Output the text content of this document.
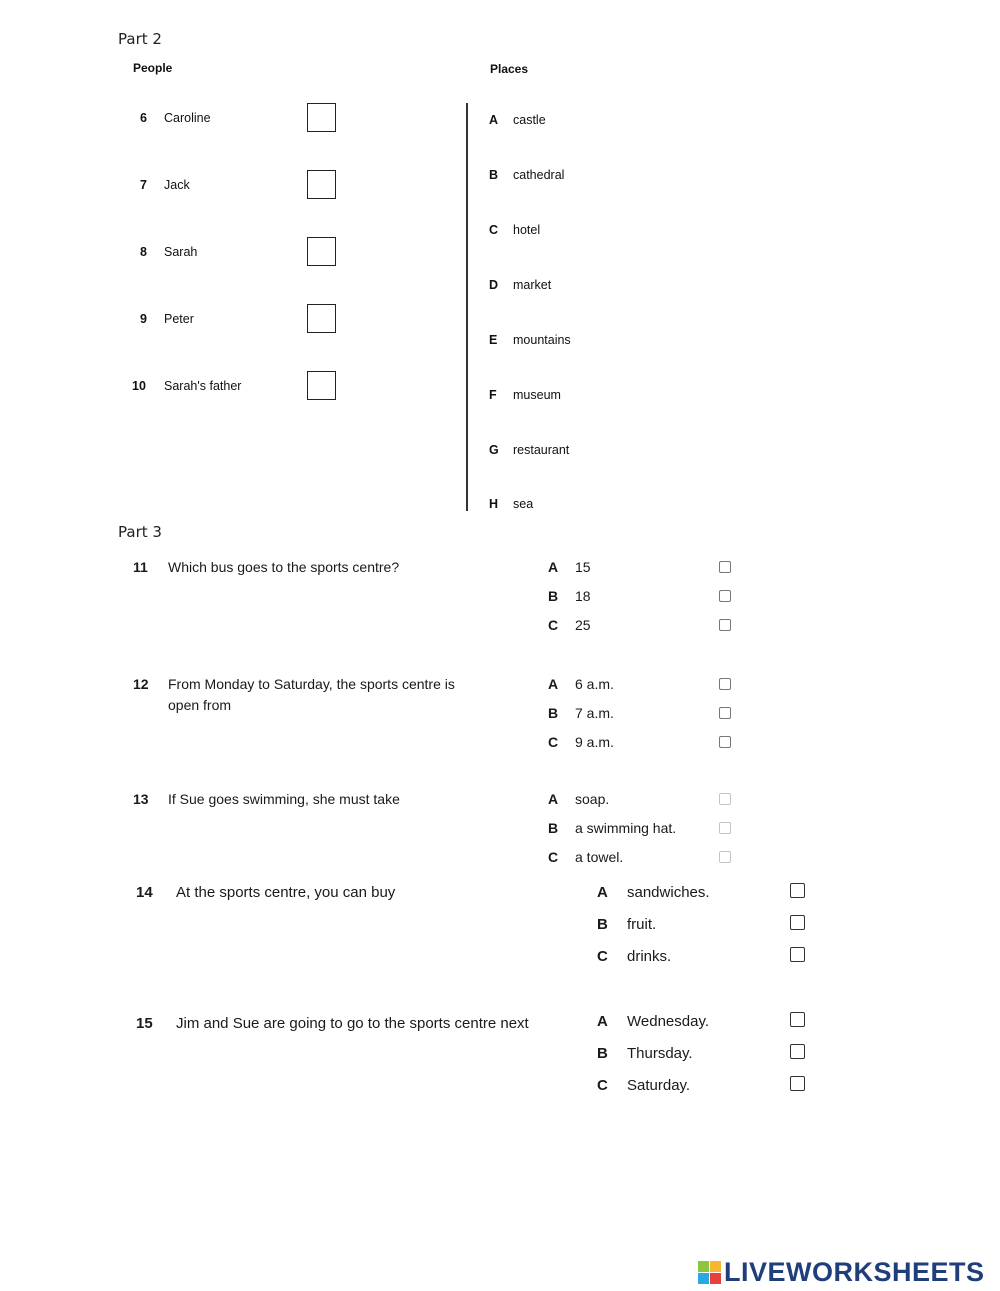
Part 2
People	Places
6 Caroline
7 Jack
8 Sarah
9 Peter
10 Sarah's father
A castle
B cathedral
C hotel
D market
E mountains
F museum
G restaurant
H sea
Part 3
11 Which bus goes to the sports centre?	A 15
B 18
C 25
12 From Monday to Saturday, the sports centre is open from
A 6 a.m.
B 7 a.m.
C 9 a.m.
13 If Sue goes swimming, she must take	A soap.
B a swimming hat.
C a towel.
14 At the sports centre, you can buy	A sandwiches.
B fruit.
C drinks.
15 Jim and Sue are going to go to the sports centre next	A Wednesday.
B Thursday.
C Saturday.
LIVEWORKSHEETS
